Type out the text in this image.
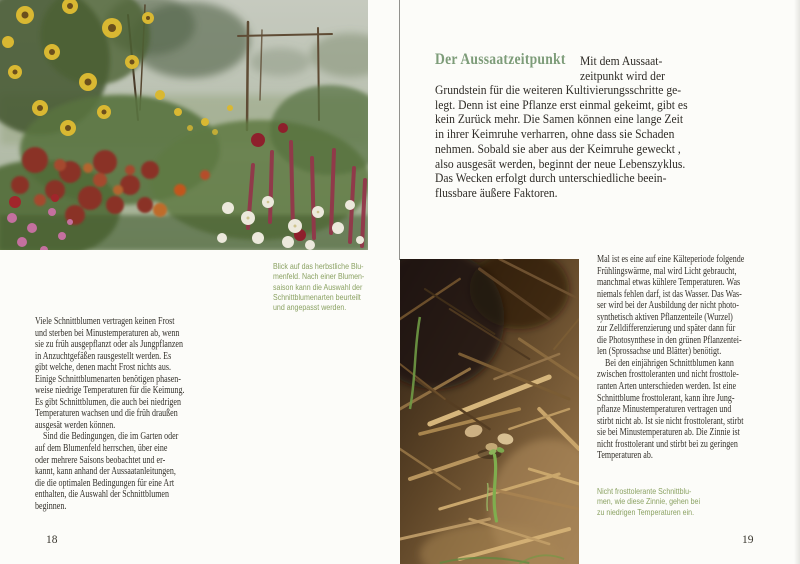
Blick auf das herbstliche Blu-
menfeld. Nach einer Blumen-
saison kann die Auswahl der
Schnittblumenarten beurteilt
und angepasst werden.
Viele Schnittblumen vertragen keinen Frost
und sterben bei Minustemperaturen ab, wenn
sie zu früh ausgepflanzt oder als Jungpflanzen
in Anzuchtgefäßen rausgestellt werden. Es
gibt welche, denen macht Frost nichts aus.
Einige Schnittblumenarten benötigen phasen-
weise niedrige Temperaturen für die Keimung.
Es gibt Schnittblumen, die auch bei niedrigen
Temperaturen wachsen und die früh draußen
ausgesät werden können.
Sind die Bedingungen, die im Garten oder
auf dem Blumenfeld herrschen, über eine
oder mehrere Saisons beobachtet und er-
kannt, kann anhand der Aussaatanleitungen,
die die optimalen Bedingungen für eine Art
enthalten, die Auswahl der Schnittblumen
beginnen.
18
Der Aussaatzeitpunkt Mit dem Aussaat-
zeitpunkt wird der
Grundstein für die weiteren Kultivierungsschritte ge-
legt. Denn ist eine Pflanze erst einmal gekeimt, gibt es
kein Zurück mehr. Die Samen können eine lange Zeit
in ihrer Keimruhe verharren, ohne dass sie Schaden
nehmen. Sobald sie aber aus der Keimruhe geweckt ,
also ausgesät werden, beginnt der neue Lebenszyklus.
Das Wecken erfolgt durch unterschiedliche beein-
flussbare äußere Faktoren.
Mal ist es eine auf eine Kälteperiode folgende
Frühlingswärme, mal wird Licht gebraucht,
manchmal etwas kühlere Temperaturen. Was
niemals fehlen darf, ist das Wasser. Das Was-
ser wird bei der Ausbildung der nicht photo-
synthetisch aktiven Pflanzenteile (Wurzel)
zur Zelldifferenzierung und später dann für
die Photosynthese in den grünen Pflanzentei-
len (Sprossachse und Blätter) benötigt.
Bei den einjährigen Schnittblumen kann
zwischen frosttoleranten und nicht frosttole-
ranten Arten unterschieden werden. Ist eine
Schnittblume frosttolerant, kann ihre Jung-
pflanze Minustemperaturen vertragen und
stirbt nicht ab. Ist sie nicht frosttolerant, stirbt
sie bei Minustemperaturen ab. Die Zinnie ist
nicht frosttolerant und stirbt bei zu geringen
Temperaturen ab.
Nicht frosttolerante Schnittblu-
men, wie diese Zinnie, gehen bei
zu niedrigen Temperaturen ein.
19
